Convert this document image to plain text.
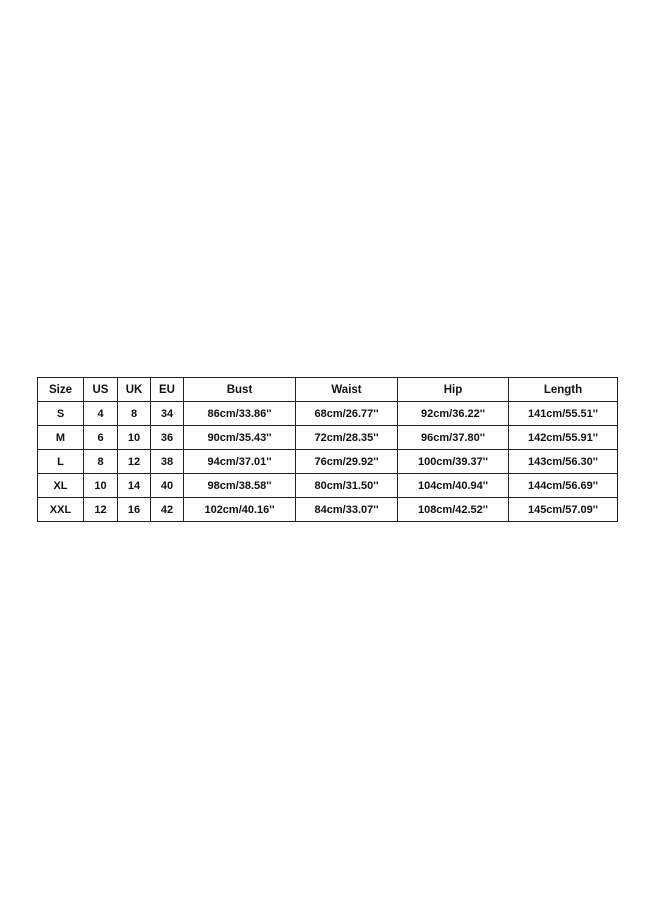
Size	US	UK	EU	Bust	Waist	Hip	Length
S	4	8	34	86cm/33.86''	68cm/26.77''	92cm/36.22''	141cm/55.51''
M	6	10	36	90cm/35.43''	72cm/28.35''	96cm/37.80''	142cm/55.91''
L	8	12	38	94cm/37.01''	76cm/29.92''	100cm/39.37''	143cm/56.30''
XL	10	14	40	98cm/38.58''	80cm/31.50''	104cm/40.94''	144cm/56.69''
XXL	12	16	42	102cm/40.16''	84cm/33.07''	108cm/42.52''	145cm/57.09''
